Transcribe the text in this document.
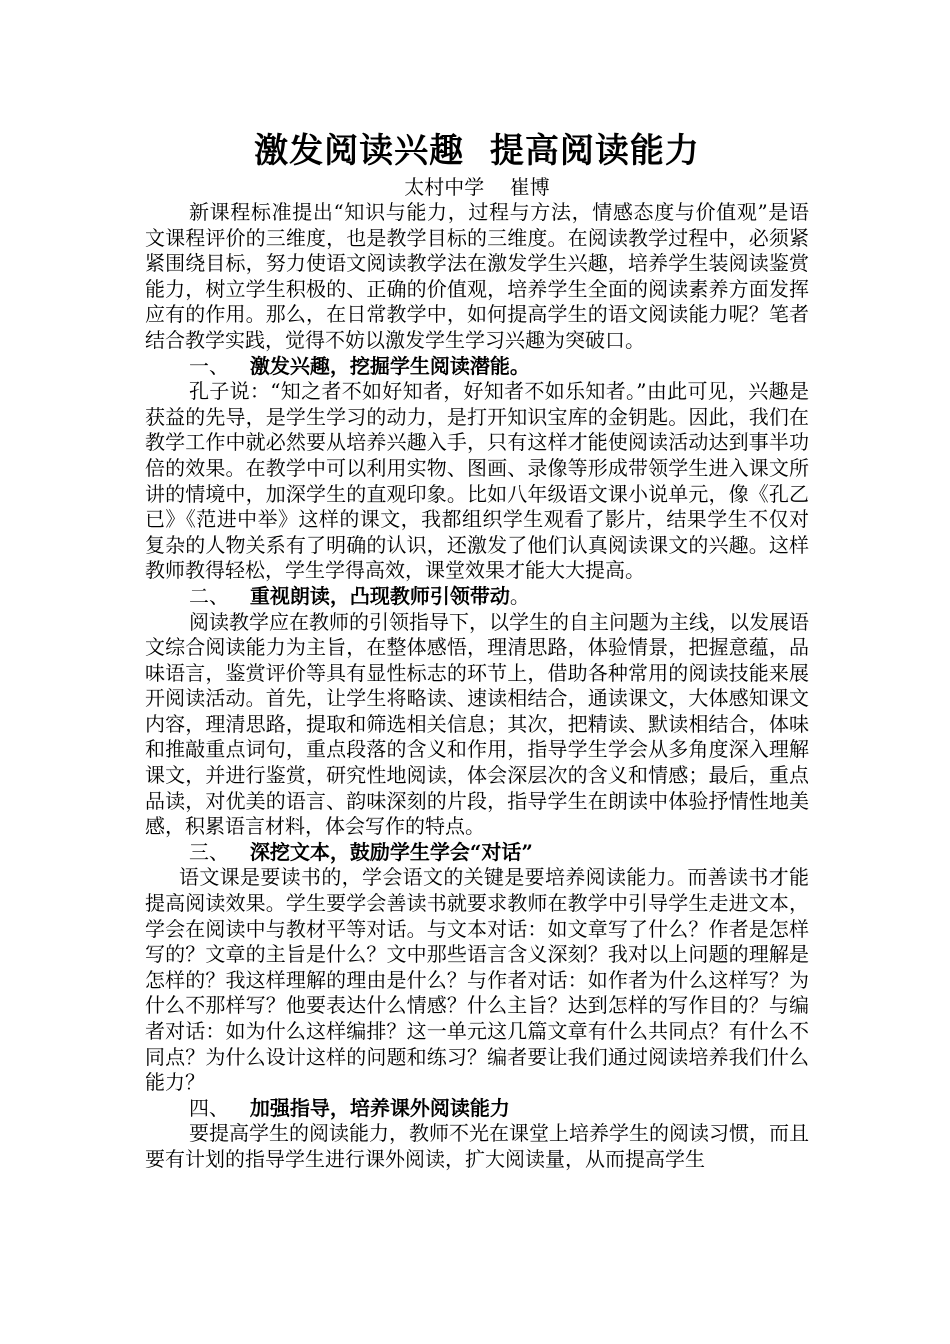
激发阅读兴趣  提高阅读能力

太村中学    崔博

新课程标准提出“知识与能力，过程与方法，情感态度与价值观”是语文课程评价的三维度，也是教学目标的三维度。在阅读教学过程中，必须紧紧围绕目标，努力使语文阅读教学法在激发学生兴趣，培养学生装阅读鉴赏能力，树立学生积极的、正确的价值观，培养学生全面的阅读素养方面发挥应有的作用。那么，在日常教学中，如何提高学生的语文阅读能力呢？笔者结合教学实践，觉得不妨以激发学生学习兴趣为突破口。

一、 激发兴趣，挖掘学生阅读潜能。

孔子说：“知之者不如好知者，好知者不如乐知者。”由此可见，兴趣是获益的先导，是学生学习的动力，是打开知识宝库的金钥匙。因此，我们在教学工作中就必然要从培养兴趣入手，只有这样才能使阅读活动达到事半功倍的效果。在教学中可以利用实物、图画、录像等形成带领学生进入课文所讲的情境中，加深学生的直观印象。比如八年级语文课小说单元，像《孔乙已》《范进中举》这样的课文，我都组织学生观看了影片，结果学生不仅对复杂的人物关系有了明确的认识，还激发了他们认真阅读课文的兴趣。这样教师教得轻松，学生学得高效，课堂效果才能大大提高。

二、 重视朗读，凸现教师引领带动。

阅读教学应在教师的引领指导下，以学生的自主问题为主线，以发展语文综合阅读能力为主旨，在整体感悟，理清思路，体验情景，把握意蕴，品味语言，鉴赏评价等具有显性标志的环节上，借助各种常用的阅读技能来展开阅读活动。首先，让学生将略读、速读相结合，通读课文，大体感知课文内容，理清思路，提取和筛选相关信息；其次，把精读、默读相结合，体味和推敲重点词句，重点段落的含义和作用，指导学生学会从多角度深入理解课文，并进行鉴赏，研究性地阅读，体会深层次的含义和情感；最后，重点品读，对优美的语言、韵味深刻的片段，指导学生在朗读中体验抒情性地美感，积累语言材料，体会写作的特点。

三、 深挖文本，鼓励学生学会“对话”

语文课是要读书的，学会语文的关键是要培养阅读能力。而善读书才能提高阅读效果。学生要学会善读书就要求教师在教学中引导学生走进文本，学会在阅读中与教材平等对话。与文本对话：如文章写了什么？作者是怎样写的？文章的主旨是什么？文中那些语言含义深刻？我对以上问题的理解是怎样的？我这样理解的理由是什么？与作者对话：如作者为什么这样写？为什么不那样写？他要表达什么情感？什么主旨？达到怎样的写作目的？与编者对话：如为什么这样编排？这一单元这几篇文章有什么共同点？有什么不同点？为什么设计这样的问题和练习？编者要让我们通过阅读培养我们什么能力？

四、 加强指导，培养课外阅读能力

要提高学生的阅读能力，教师不光在课堂上培养学生的阅读习惯，而且要有计划的指导学生进行课外阅读，扩大阅读量，从而提高学生
